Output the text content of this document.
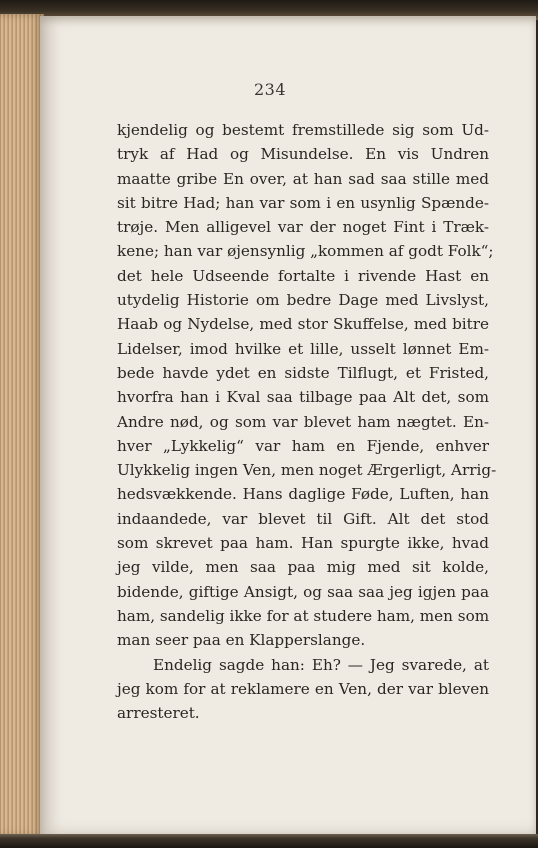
234
kjendelig og bestemt fremstillede sig som Ud-
tryk af Had og Misundelse. En vis Undren
maatte gribe En over, at han sad saa stille med
sit bitre Had; han var som i en usynlig Spænde-
trøje. Men alligevel var der noget Fint i Træk-
kene; han var øjensynlig „kommen af godt Folk“;
det hele Udseende fortalte i rivende Hast en
utydelig Historie om bedre Dage med Livslyst,
Haab og Nydelse, med stor Skuffelse, med bitre
Lidelser, imod hvilke et lille, usselt lønnet Em-
bede havde ydet en sidste Tilflugt, et Fristed,
hvorfra han i Kval saa tilbage paa Alt det, som
Andre nød, og som var blevet ham nægtet. En-
hver „Lykkelig“ var ham en Fjende, enhver
Ulykkelig ingen Ven, men noget Ærgerligt, Arrig-
hedsvækkende. Hans daglige Føde, Luften, han
indaandede, var blevet til Gift. Alt det stod
som skrevet paa ham. Han spurgte ikke, hvad
jeg vilde, men saa paa mig med sit kolde,
bidende, giftige Ansigt, og saa saa jeg igjen paa
ham, sandelig ikke for at studere ham, men som
man seer paa en Klapperslange.
Endelig sagde han: Eh? — Jeg svarede, at
jeg kom for at reklamere en Ven, der var bleven
arresteret.
